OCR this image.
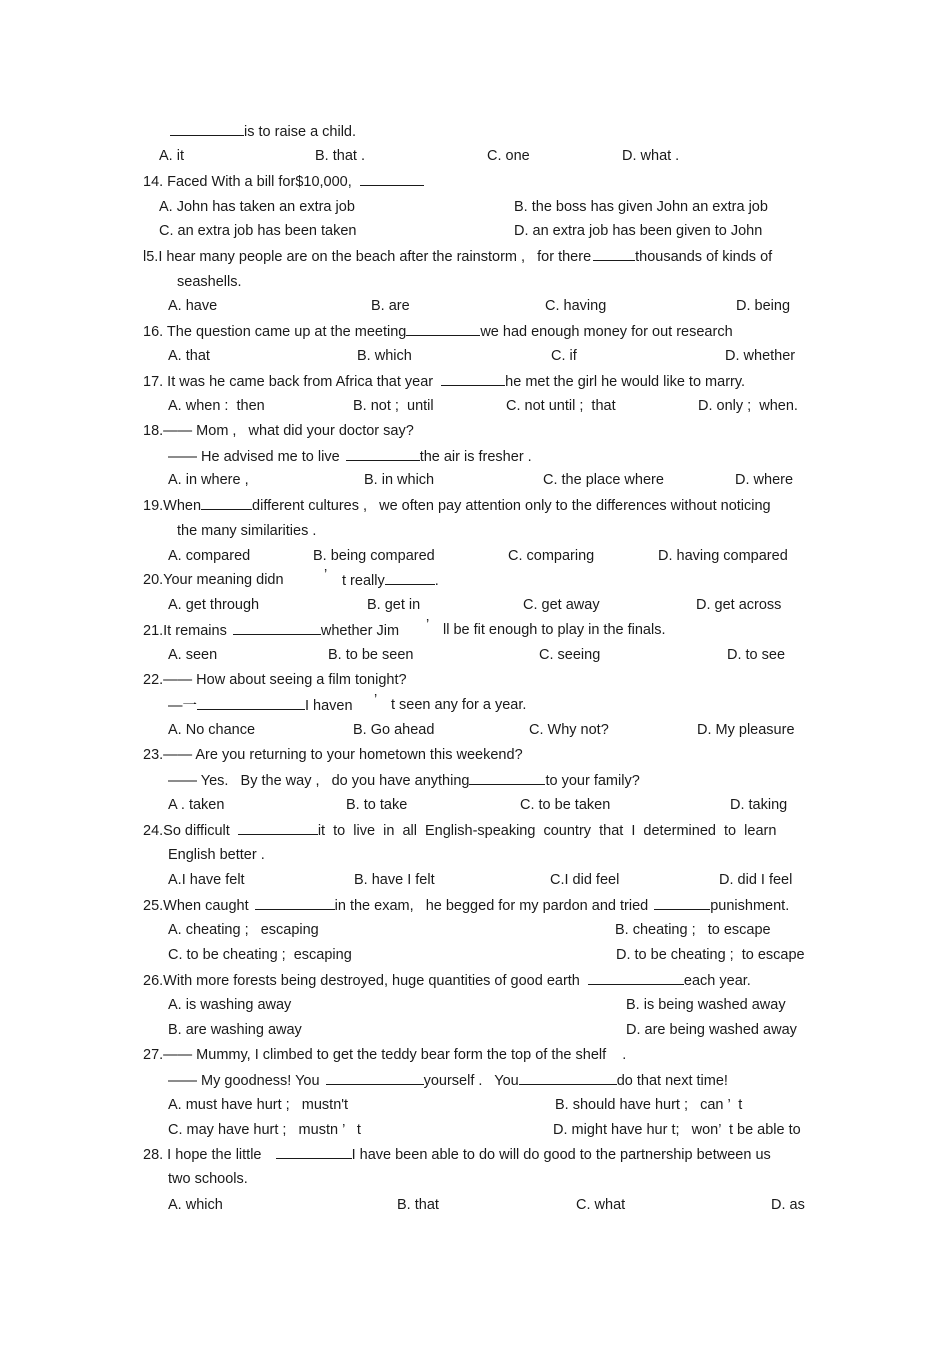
is to raise a child.
A. it	B. that .	C. one	D. what .
14. Faced With a bill for$10,000,
A. John has taken an extra job	B. the boss has given John an extra job
C. an extra job has been taken	D. an extra job has been given to John
l5.I hear many people are on the beach after the rainstorm ,   for there	thousands of kinds of
seashells.
A. have	B. are	C. having	D. being
16. The question came up at the meeting	we had enough money for out research
A. that	B. which	C. if	D. whether
17. It was he came back from Africa that year	he met the girl he would like to marry.
A. when :  then	B. not ;  until	C. not until ;  that	D. only ;  when.
18.—— Mom ,   what did your doctor say?
—— He advised me to live	the air is fresher .
A. in where ,	B. in which	C. the place where	D. where
19.When	different cultures ,   we often pay attention only to the differences without noticing
the many similarities .
A. compared	B. being compared	C. comparing	D. having compared
20.Your meaning didn	’ t really	.
A. get through	B. get in	C. get away	D. get across
21.It remains	whether Jim ’ ll be fit enough to play in the finals.
A. seen	B. to be seen	C. seeing	D. to see
22.—— How about seeing a film tonight?
—一	I haven ’ t seen any for a year.
A. No chance	B. Go ahead	C. Why not?	D. My pleasure
23.—— Are you returning to your hometown this weekend?
—— Yes.   By the way ,   do you have anything	to your family?
A . taken	B. to take	C. to be taken	D. taking
24.So difficult	it  to  live  in  all  English-speaking  country  that  I  determined  to  learn
English better .
A.I have felt	B. have I felt	C.I did feel	D. did I feel
25.When caught	in the exam,   he begged for my pardon and tried	punishment.
A. cheating ;   escaping	B. cheating ;   to escape
C. to be cheating ;  escaping	D. to be cheating ;  to escape
26.With more forests being destroyed, huge quantities of good earth	each year.
A. is washing away	B. is being washed away
B. are washing away	D. are being washed away
27.—— Mummy, I climbed to get the teddy bear form the top of the shelf .
—— My goodness! You	yourself .   You	do that next time!
A. must have hurt ;   mustn't	B. should have hurt ;   can ’  t
C. may have hurt ;   mustn ’   t	D. might have hur t;   won’  t be able to
28. I hope the little	I have been able to do will do good to the partnership between us
two schools.
A. which	B. that	C. what	D. as
